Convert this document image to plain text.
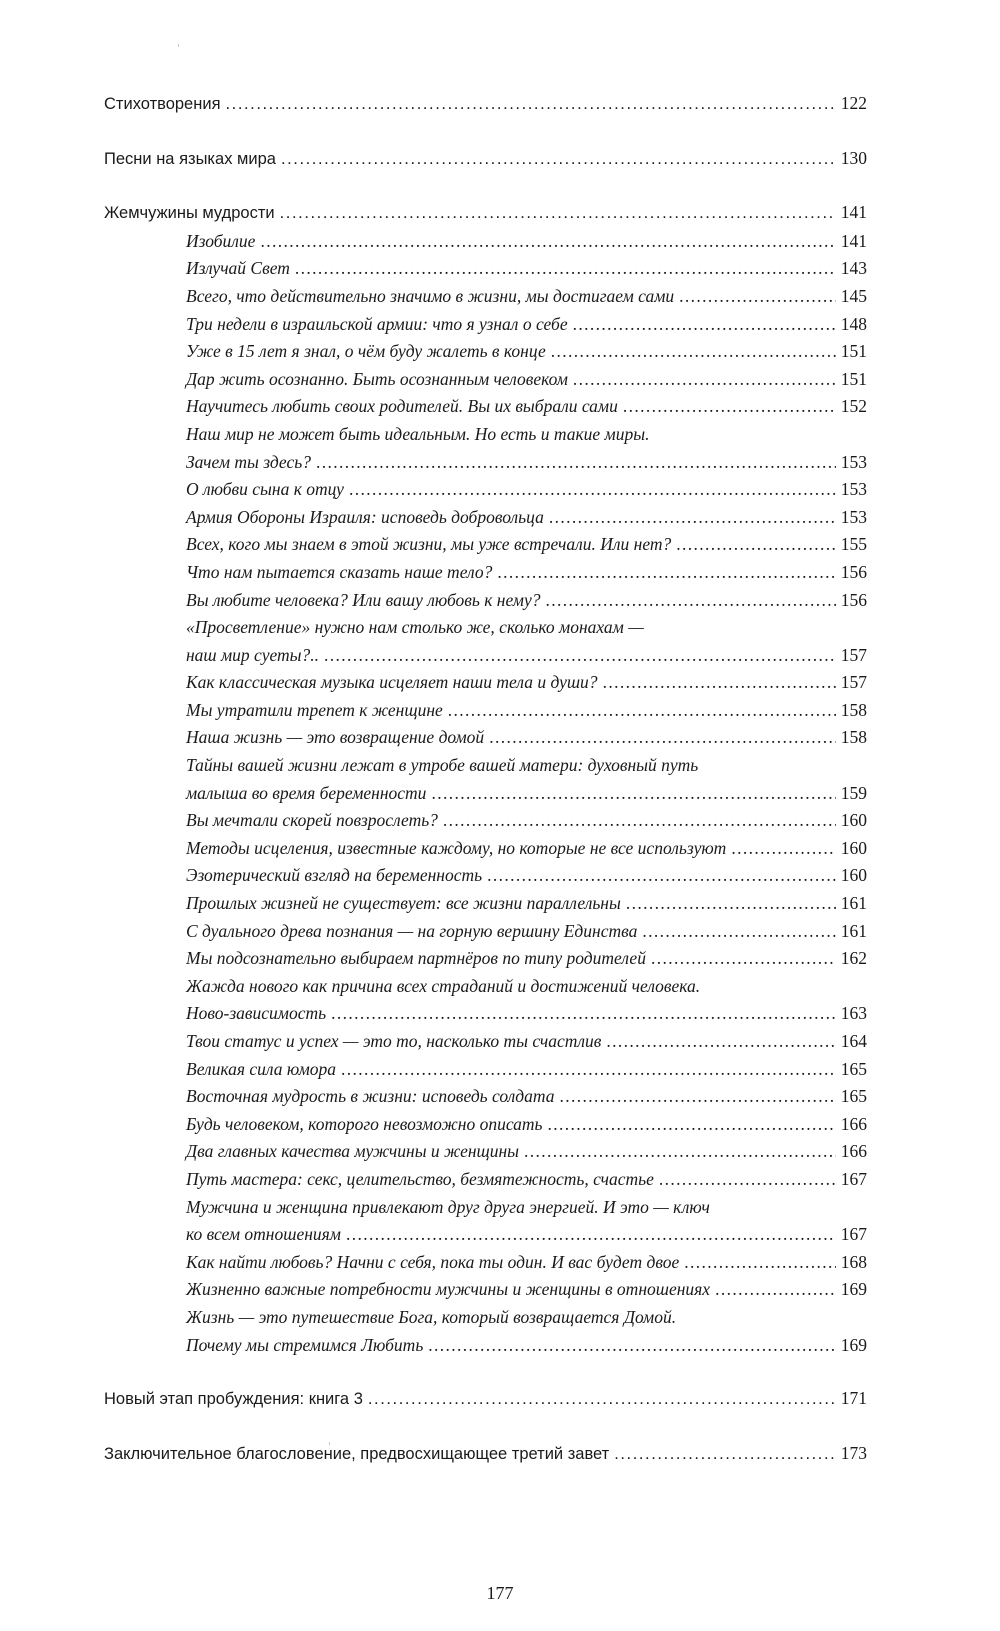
Стихотворения . . .	122
Песни на языках мира . . .	130
Жемчужины мудрости . . .	141
Изобилие . . .	141
Излучай Свет . . .	143
Всего, что действительно значимо в жизни, мы достигаем сами . . .	145
Три недели в израильской армии: что я узнал о себе . . .	148
Уже в 15 лет я знал, о чём буду жалеть в конце . . .	151
Дар жить осознанно. Быть осознанным человеком . . .	151
Научитесь любить своих родителей. Вы их выбрали сами . . .	152
Наш мир не может быть идеальным. Но есть и такие миры.
Зачем ты здесь? . . .	153
О любви сына к отцу . . .	153
Армия Обороны Израиля: исповедь добровольца . . .	153
Всех, кого мы знаем в этой жизни, мы уже встречали. Или нет? . . .	155
Что нам пытается сказать наше тело? . . .	156
Вы любите человека? Или вашу любовь к нему? . . .	156
«Просветление» нужно нам столько же, сколько монахам —
наш мир суеты?.. . . .	157
Как классическая музыка исцеляет наши тела и души? . . .	157
Мы утратили трепет к женщине . . .	158
Наша жизнь — это возвращение домой . . .	158
Тайны вашей жизни лежат в утробе вашей матери: духовный путь
малыша во время беременности . . .	159
Вы мечтали скорей повзрослеть? . . .	160
Методы исцеления, известные каждому, но которые не все используют . . .	160
Эзотерический взгляд на беременность . . .	160
Прошлых жизней не существует: все жизни параллельны . . .	161
С дуального древа познания — на горную вершину Единства . . .	161
Мы подсознательно выбираем партнёров по типу родителей . . .	162
Жажда нового как причина всех страданий и достижений человека.
Ново-зависимость . . .	163
Твои статус и успех — это то, насколько ты счастлив . . .	164
Великая сила юмора . . .	165
Восточная мудрость в жизни: исповедь солдата . . .	165
Будь человеком, которого невозможно описать . . .	166
Два главных качества мужчины и женщины . . .	166
Путь мастера: секс, целительство, безмятежность, счастье . . .	167
Мужчина и женщина привлекают друг друга энергией. И это — ключ
ко всем отношениям . . .	167
Как найти любовь? Начни с себя, пока ты один. И вас будет двое . . .	168
Жизненно важные потребности мужчины и женщины в отношениях . . .	169
Жизнь — это путешествие Бога, который возвращается Домой.
Почему мы стремимся Любить . . .	169
Новый этап пробуждения: книга 3 . . .	171
Заключительное благословение, предвосхищающее третий завет . . .	173
177
